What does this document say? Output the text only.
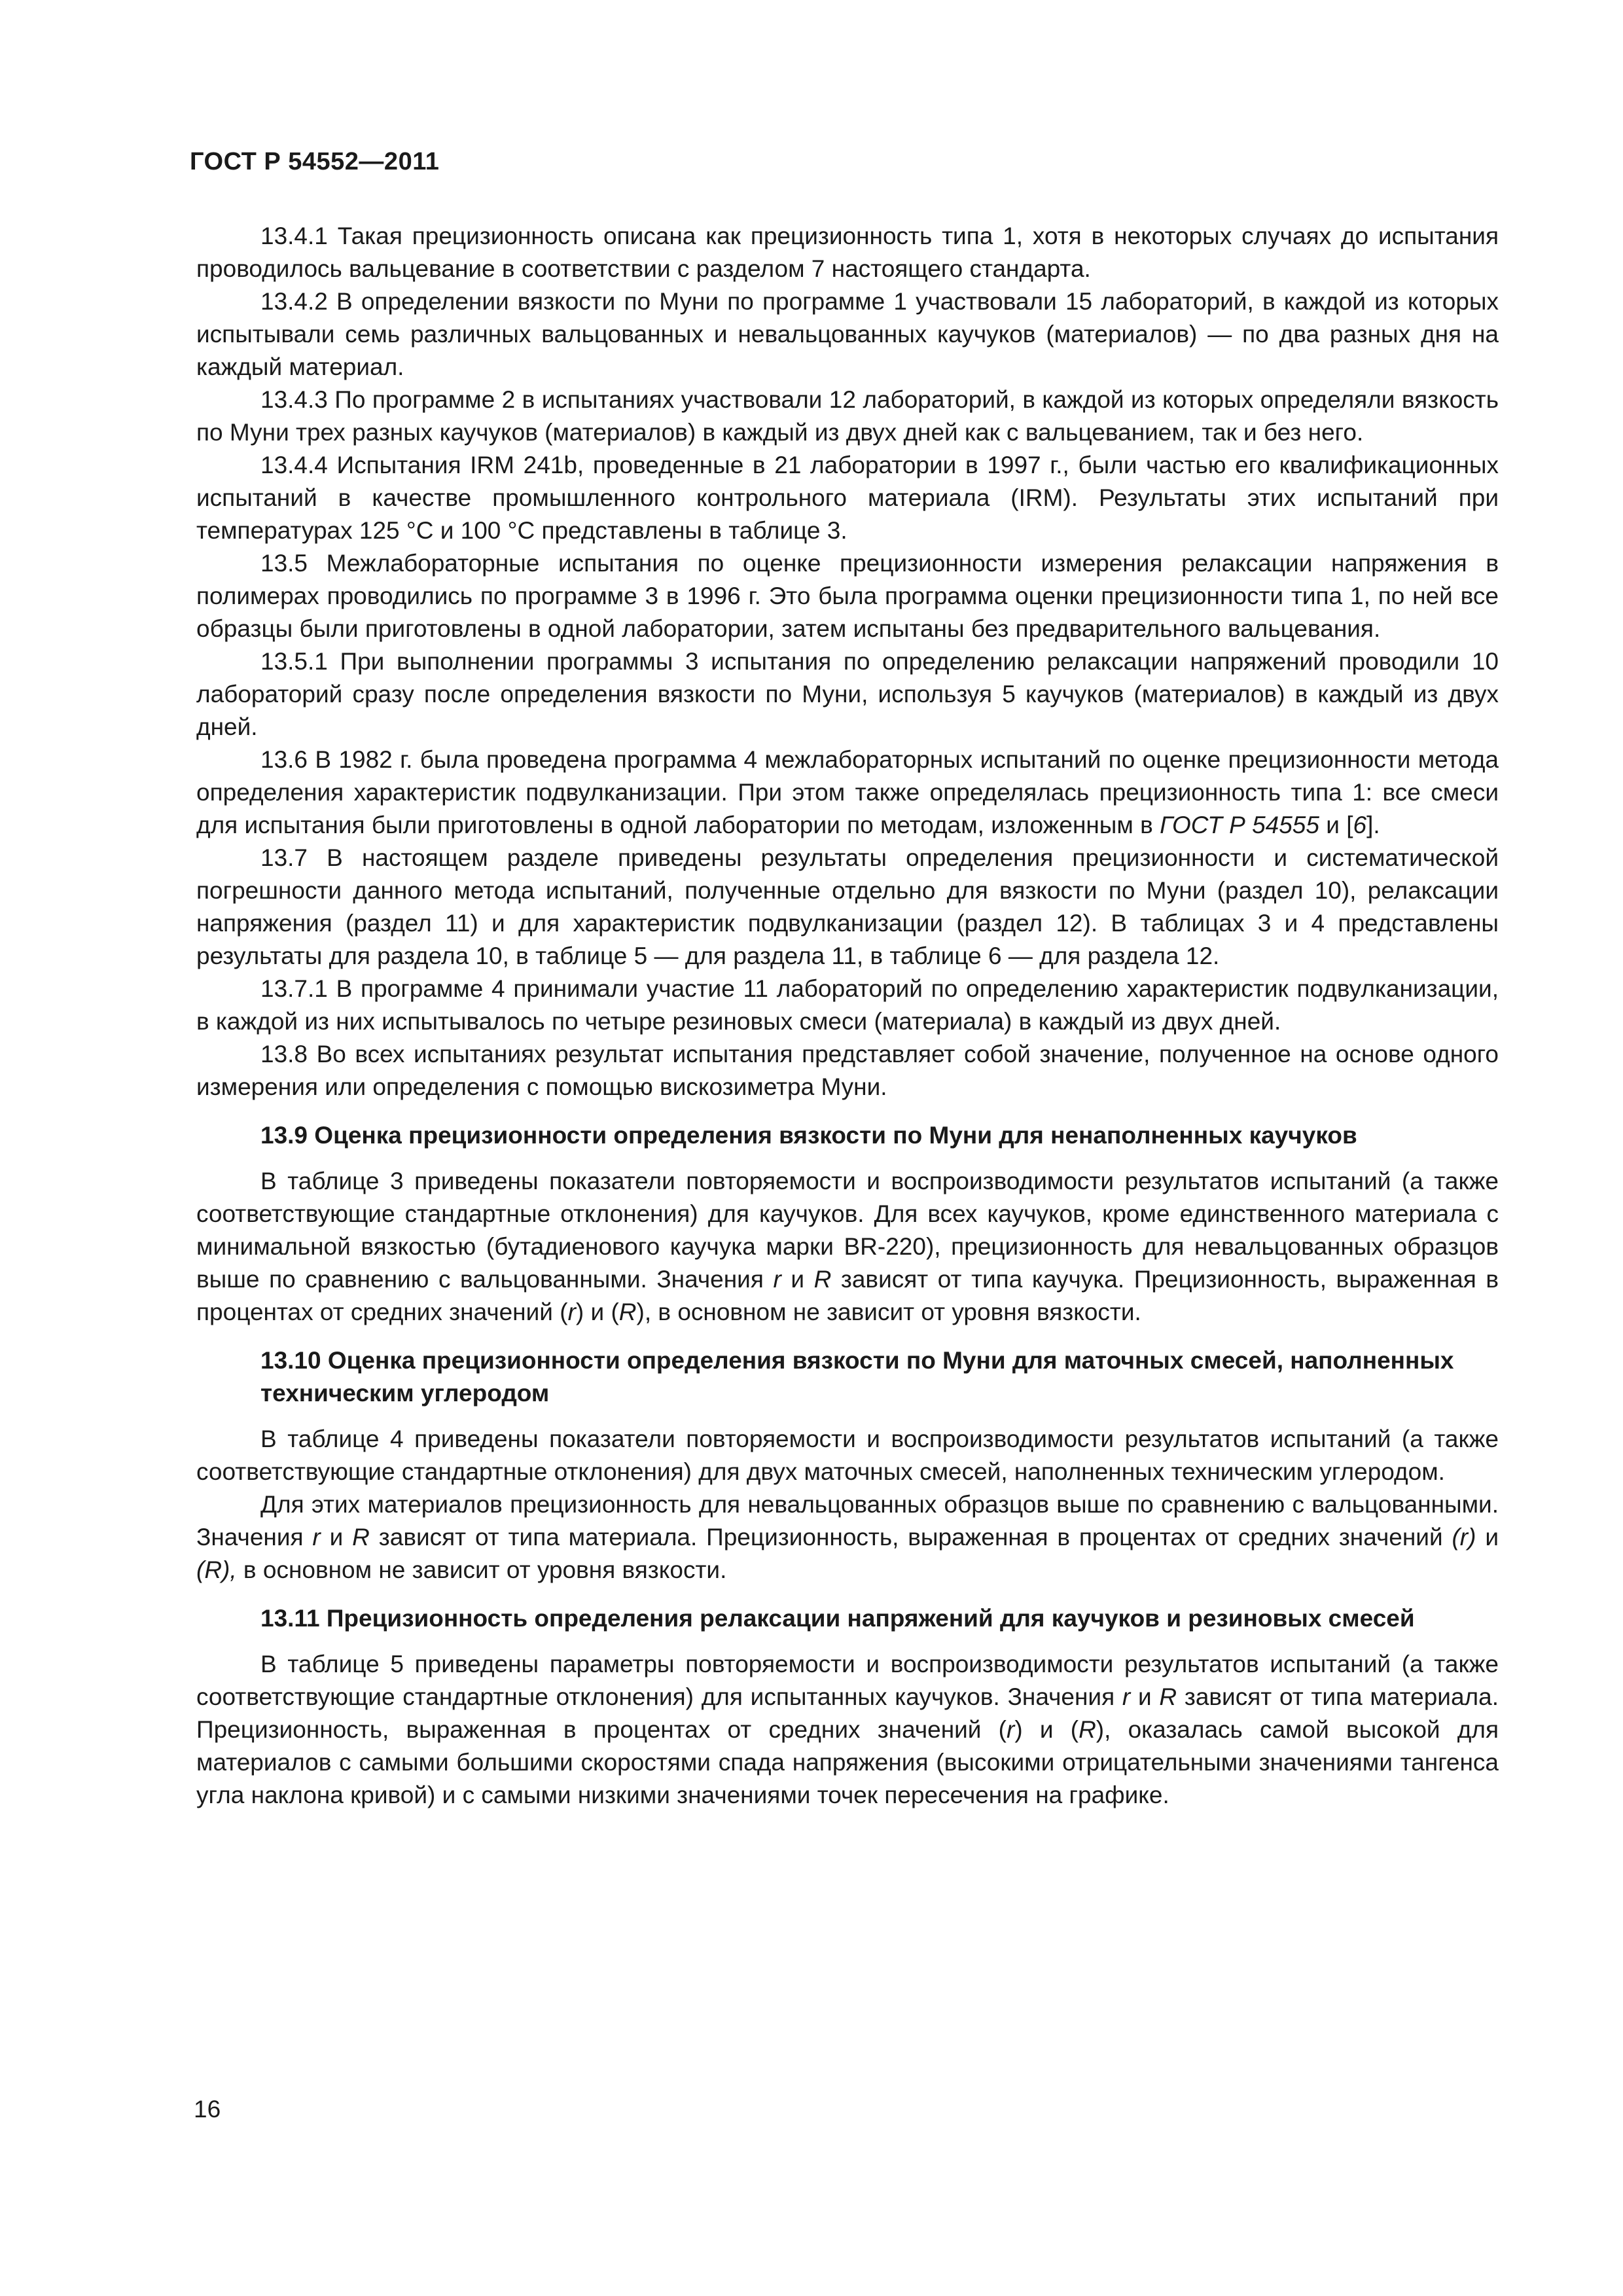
ГОСТ Р 54552—2011

13.4.1 Такая прецизионность описана как прецизионность типа 1, хотя в некоторых случаях до испытания проводилось вальцевание в соответствии с разделом 7 настоящего стандарта.

13.4.2 В определении вязкости по Муни по программе 1 участвовали 15 лабораторий, в каждой из которых испытывали семь различных вальцованных и невальцованных каучуков (материалов) — по два разных дня на каждый материал.

13.4.3 По программе 2 в испытаниях участвовали 12 лабораторий, в каждой из которых определяли вязкость по Муни трех разных каучуков (материалов) в каждый из двух дней как с вальцеванием, так и без него.

13.4.4 Испытания IRM 241b, проведенные в 21 лаборатории в 1997 г., были частью его квалификационных испытаний в качестве промышленного контрольного материала (IRM). Результаты этих испытаний при температурах 125 °С и 100 °С представлены в таблице 3.

13.5 Межлабораторные испытания по оценке прецизионности измерения релаксации напряжения в полимерах проводились по программе 3 в 1996 г. Это была программа оценки прецизионности типа 1, по ней все образцы были приготовлены в одной лаборатории, затем испытаны без предварительного вальцевания.

13.5.1 При выполнении программы 3 испытания по определению релаксации напряжений проводили 10 лабораторий сразу после определения вязкости по Муни, используя 5 каучуков (материалов) в каждый из двух дней.

13.6 В 1982 г. была проведена программа 4 межлабораторных испытаний по оценке прецизионности метода определения характеристик подвулканизации. При этом также определялась прецизионность типа 1: все смеси для испытания были приготовлены в одной лаборатории по методам, изложенным в ГОСТ Р 54555 и [6].

13.7 В настоящем разделе приведены результаты определения прецизионности и систематической погрешности данного метода испытаний, полученные отдельно для вязкости по Муни (раздел 10), релаксации напряжения (раздел 11) и для характеристик подвулканизации (раздел 12). В таблицах 3 и 4 представлены результаты для раздела 10, в таблице 5 — для раздела 11, в таблице 6 — для раздела 12.

13.7.1 В программе 4 принимали участие 11 лабораторий по определению характеристик подвулканизации, в каждой из них испытывалось по четыре резиновых смеси (материала) в каждый из двух дней.

13.8 Во всех испытаниях результат испытания представляет собой значение, полученное на основе одного измерения или определения с помощью вискозиметра Муни.

13.9 Оценка прецизионности определения вязкости по Муни для ненаполненных каучуков

В таблице 3 приведены показатели повторяемости и воспроизводимости результатов испытаний (а также соответствующие стандартные отклонения) для каучуков. Для всех каучуков, кроме единственного материала с минимальной вязкостью (бутадиенового каучука марки BR-220), прецизионность для невальцованных образцов выше по сравнению с вальцованными. Значения r и R зависят от типа каучука. Прецизионность, выраженная в процентах от средних значений (r) и (R), в основном не зависит от уровня вязкости.

13.10 Оценка прецизионности определения вязкости по Муни для маточных смесей, наполненных техническим углеродом

В таблице 4 приведены показатели повторяемости и воспроизводимости результатов испытаний (а также соответствующие стандартные отклонения) для двух маточных смесей, наполненных техническим углеродом.

Для этих материалов прецизионность для невальцованных образцов выше по сравнению с вальцованными. Значения r и R зависят от типа материала. Прецизионность, выраженная в процентах от средних значений (r) и (R), в основном не зависит от уровня вязкости.

13.11 Прецизионность определения релаксации напряжений для каучуков и резиновых смесей

В таблице 5 приведены параметры повторяемости и воспроизводимости результатов испытаний (а также соответствующие стандартные отклонения) для испытанных каучуков. Значения r и R зависят от типа материала. Прецизионность, выраженная в процентах от средних значений (r) и (R), оказалась самой высокой для материалов с самыми большими скоростями спада напряжения (высокими отрицательными значениями тангенса угла наклона кривой) и с самыми низкими значениями точек пересечения на графике.

16
